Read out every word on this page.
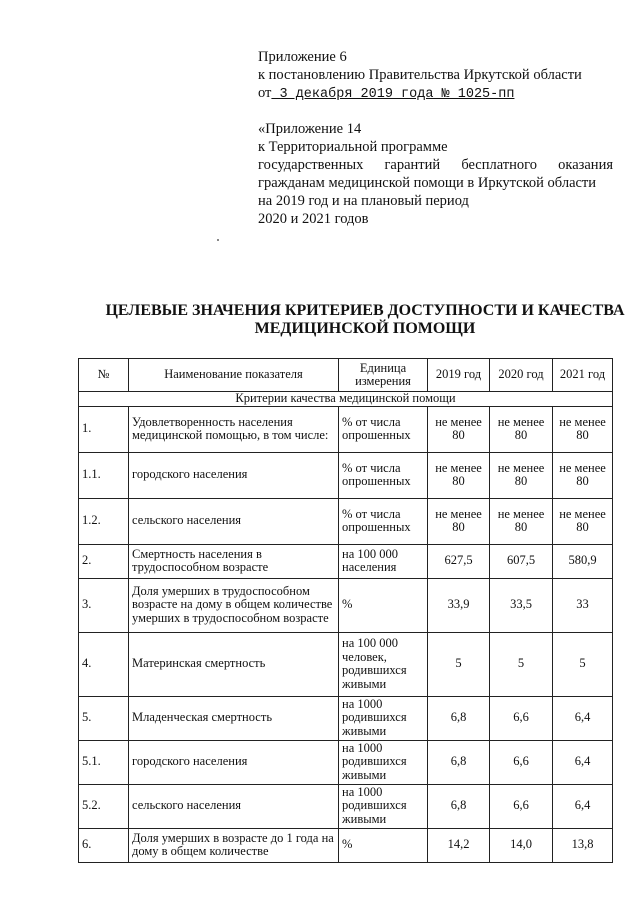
Приложение 6
к постановлению Правительства Иркутской области
от 3 декабря 2019 года № 1025-пп
«Приложение 14
к Территориальной программе
государственных гарантий бесплатного оказания
гражданам медицинской помощи в Иркутской области
на 2019 год и на плановый период
2020 и 2021 годов
ЦЕЛЕВЫЕ ЗНАЧЕНИЯ КРИТЕРИЕВ ДОСТУПНОСТИ И КАЧЕСТВА
МЕДИЦИНСКОЙ ПОМОЩИ
№	Наименование показателя	Единица измерения	2019 год	2020 год	2021 год
Критерии качества медицинской помощи					
1.	Удовлетворенность населения медицинской помощью, в том числе:	% от числа опрошенных	не менее 80	не менее 80	не менее 80
1.1.	городского населения	% от числа опрошенных	не менее 80	не менее 80	не менее 80
1.2.	сельского населения	% от числа опрошенных	не менее 80	не менее 80	не менее 80
2.	Смертность населения в трудоспособном возрасте	на 100 000 населения	627,5	607,5	580,9
3.	Доля умерших в трудоспособном возрасте на дому в общем количестве умерших в трудоспособном возрасте	%	33,9	33,5	33
4.	Материнская смертность	на 100 000 человек, родившихся живыми	5	5	5
5.	Младенческая смертность	на 1000 родившихся живыми	6,8	6,6	6,4
5.1.	городского населения	на 1000 родившихся живыми	6,8	6,6	6,4
5.2.	сельского населения	на 1000 родившихся живыми	6,8	6,6	6,4
6.	Доля умерших в возрасте до 1 года на дому в общем количестве	%	14,2	14,0	13,8
